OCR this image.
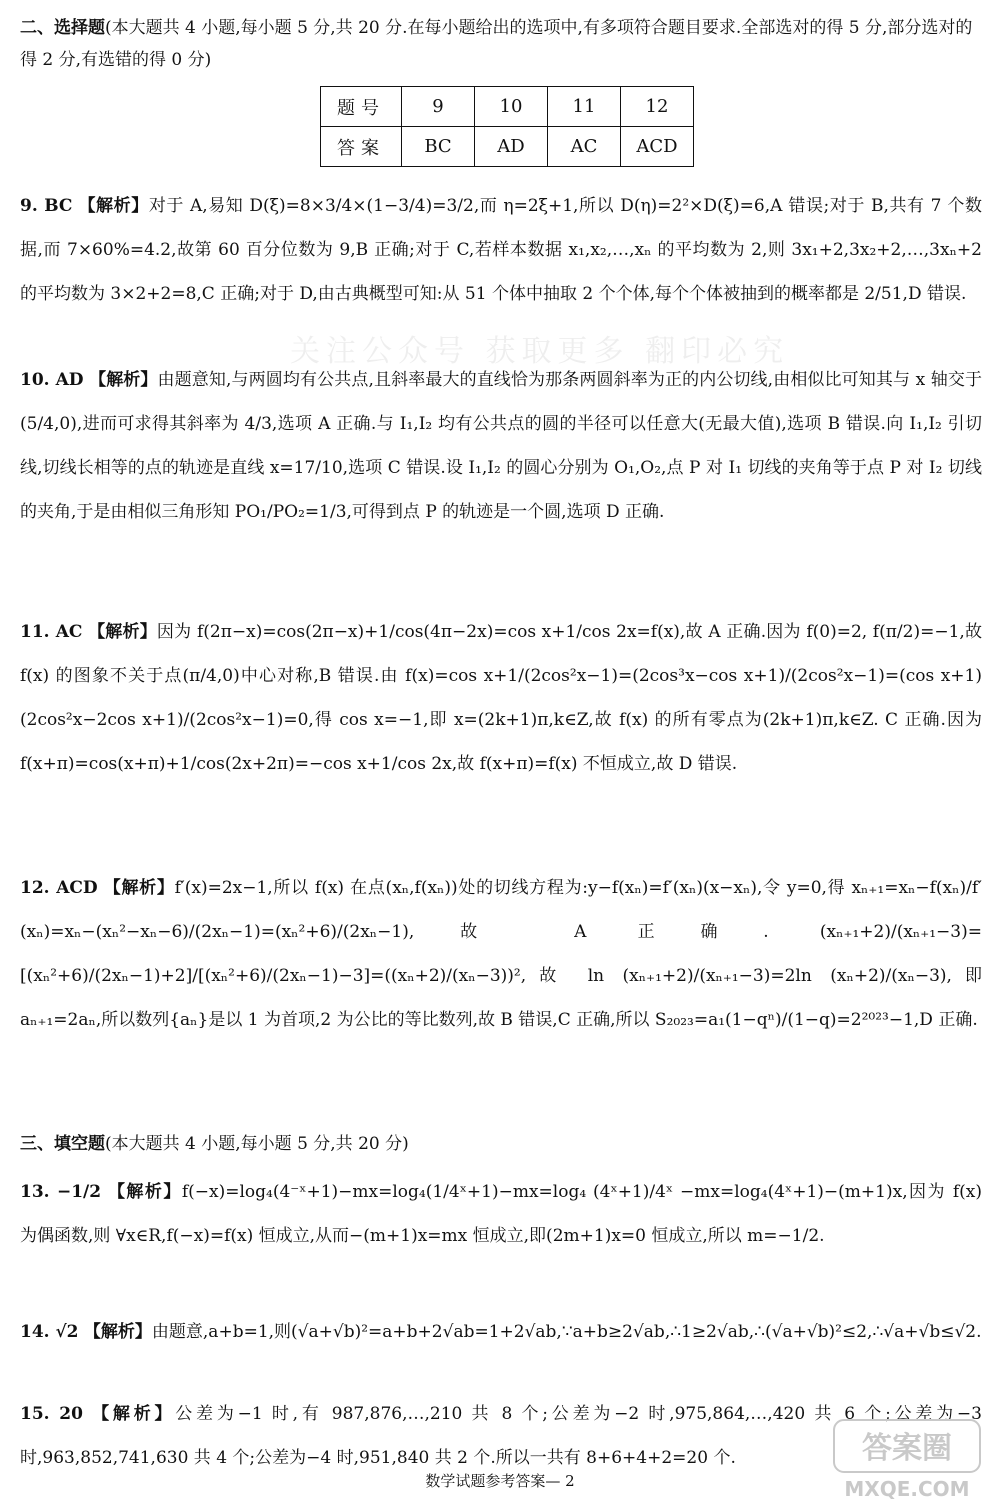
关注公众号 获取更多 翻印必究
二、选择题(本大题共 4 小题,每小题 5 分,共 20 分.在每小题给出的选项中,有多项符合题目要求.全部选对的得 5 分,部分选对的得 2 分,有选错的得 0 分)
题号	9	10	11	12
答案	BC	AD	AC	ACD
9. BC 【解析】对于 A,易知 D(ξ)=8×3/4×(1−3/4)=3/2,而 η=2ξ+1,所以 D(η)=2²×D(ξ)=6,A 错误;对于 B,共有 7 个数据,而 7×60%=4.2,故第 60 百分位数为 9,B 正确;对于 C,若样本数据 x₁,x₂,…,xₙ 的平均数为 2,则 3x₁+2,3x₂+2,…,3xₙ+2 的平均数为 3×2+2=8,C 正确;对于 D,由古典概型可知:从 51 个体中抽取 2 个个体,每个个体被抽到的概率都是 2/51,D 错误.
10. AD 【解析】由题意知,与两圆均有公共点,且斜率最大的直线恰为那条两圆斜率为正的内公切线,由相似比可知其与 x 轴交于(5/4,0),进而可求得其斜率为 4/3,选项 A 正确.与 I₁,I₂ 均有公共点的圆的半径可以任意大(无最大值),选项 B 错误.向 I₁,I₂ 引切线,切线长相等的点的轨迹是直线 x=17/10,选项 C 错误.设 I₁,I₂ 的圆心分别为 O₁,O₂,点 P 对 I₁ 切线的夹角等于点 P 对 I₂ 切线的夹角,于是由相似三角形知 PO₁/PO₂=1/3,可得到点 P 的轨迹是一个圆,选项 D 正确.
11. AC 【解析】因为 f(2π−x)=cos(2π−x)+1/cos(4π−2x)=cos x+1/cos 2x=f(x),故 A 正确.因为 f(0)=2, f(π/2)=−1,故 f(x) 的图象不关于点(π/4,0)中心对称,B 错误.由 f(x)=cos x+1/(2cos²x−1)=(2cos³x−cos x+1)/(2cos²x−1)=(cos x+1)(2cos²x−2cos x+1)/(2cos²x−1)=0,得 cos x=−1,即 x=(2k+1)π,k∈Z,故 f(x) 的所有零点为(2k+1)π,k∈Z. C 正确.因为 f(x+π)=cos(x+π)+1/cos(2x+2π)=−cos x+1/cos 2x,故 f(x+π)=f(x) 不恒成立,故 D 错误.
12. ACD 【解析】f′(x)=2x−1,所以 f(x) 在点(xₙ,f(xₙ))处的切线方程为:y−f(xₙ)=f′(xₙ)(x−xₙ),令 y=0,得 xₙ₊₁=xₙ−f(xₙ)/f′(xₙ)=xₙ−(xₙ²−xₙ−6)/(2xₙ−1)=(xₙ²+6)/(2xₙ−1),故 A 正确. (xₙ₊₁+2)/(xₙ₊₁−3)=[(xₙ²+6)/(2xₙ−1)+2]/[(xₙ²+6)/(2xₙ−1)−3]=((xₙ+2)/(xₙ−3))²,故 ln (xₙ₊₁+2)/(xₙ₊₁−3)=2ln (xₙ+2)/(xₙ−3),即 aₙ₊₁=2aₙ,所以数列{aₙ}是以 1 为首项,2 为公比的等比数列,故 B 错误,C 正确,所以 S₂₀₂₃=a₁(1−qⁿ)/(1−q)=2²⁰²³−1,D 正确.
三、填空题(本大题共 4 小题,每小题 5 分,共 20 分)
13. −1/2 【解析】f(−x)=log₄(4⁻ˣ+1)−mx=log₄(1/4ˣ+1)−mx=log₄ (4ˣ+1)/4ˣ −mx=log₄(4ˣ+1)−(m+1)x,因为 f(x) 为偶函数,则 ∀x∈R,f(−x)=f(x) 恒成立,从而−(m+1)x=mx 恒成立,即(2m+1)x=0 恒成立,所以 m=−1/2.
14. √2 【解析】由题意,a+b=1,则(√a+√b)²=a+b+2√ab=1+2√ab,∵a+b≥2√ab,∴1≥2√ab,∴(√a+√b)²≤2,∴√a+√b≤√2.
15. 20 【解析】公差为−1 时,有 987,876,…,210 共 8 个;公差为−2 时,975,864,…,420 共 6 个;公差为−3 时,963,852,741,630 共 4 个;公差为−4 时,951,840 共 2 个.所以一共有 8+6+4+2=20 个.
数学试题参考答案— 2
答案圈
MXQE.COM
